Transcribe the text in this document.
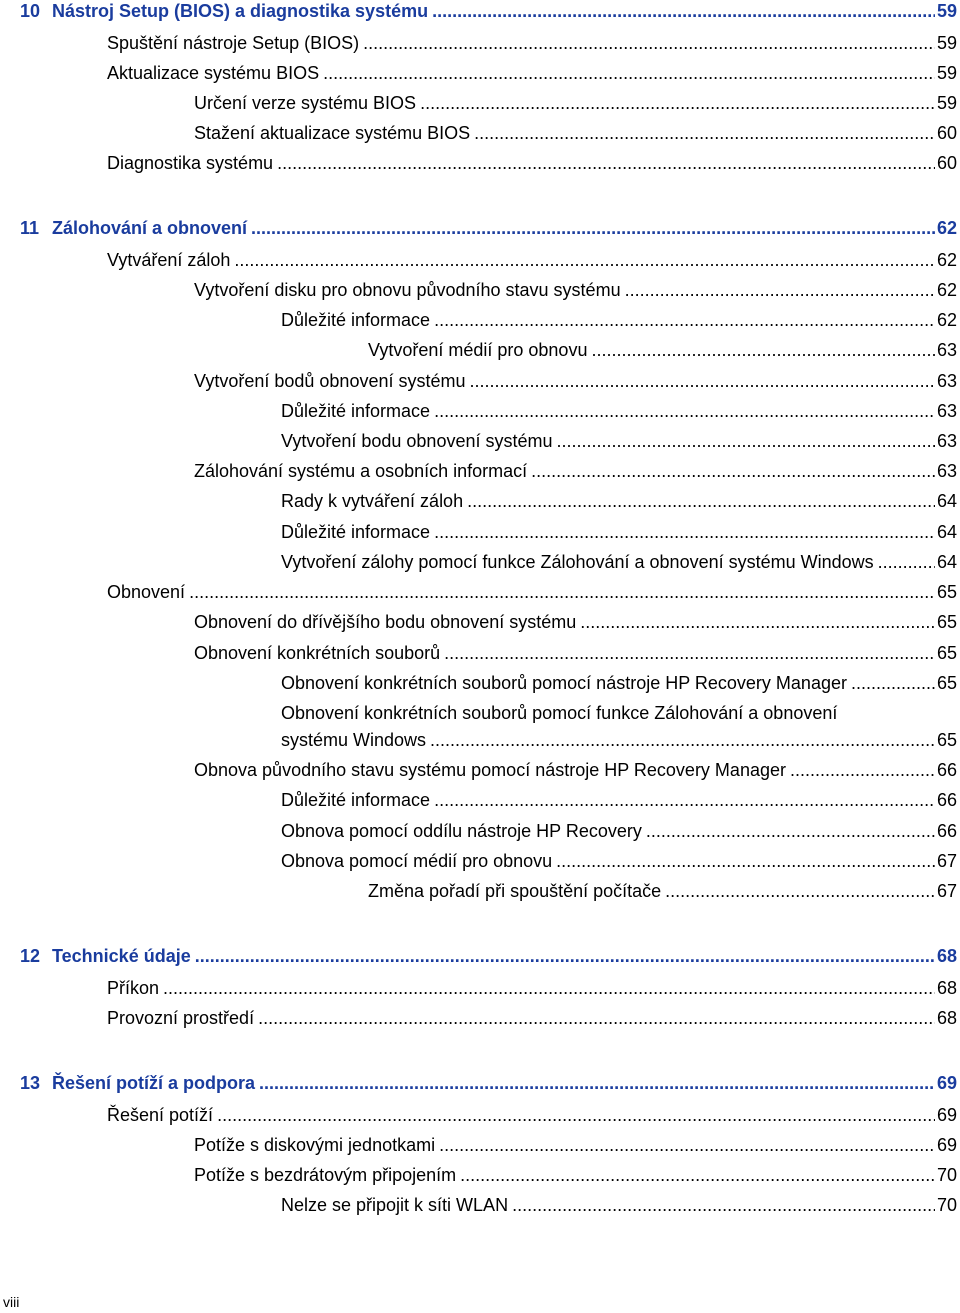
10 Nástroj Setup (BIOS) a diagnostika systému .....	59
Spuštění nástroje Setup (BIOS) .....	59
Aktualizace systému BIOS .....	59
Určení verze systému BIOS .....	59
Stažení aktualizace systému BIOS .....	60
Diagnostika systému .....	60
11 Zálohování a obnovení .....	62
Vytváření záloh .....	62
Vytvoření disku pro obnovu původního stavu systému .....	62
Důležité informace .....	62
Vytvoření médií pro obnovu .....	63
Vytvoření bodů obnovení systému .....	63
Důležité informace .....	63
Vytvoření bodu obnovení systému .....	63
Zálohování systému a osobních informací .....	63
Rady k vytváření záloh .....	64
Důležité informace .....	64
Vytvoření zálohy pomocí funkce Zálohování a obnovení systému Windows .....	64
Obnovení .....	65
Obnovení do dřívějšího bodu obnovení systému .....	65
Obnovení konkrétních souborů .....	65
Obnovení konkrétních souborů pomocí nástroje HP Recovery Manager .....	65
Obnovení konkrétních souborů pomocí funkce Zálohování a obnovení
systému Windows .....	65
Obnova původního stavu systému pomocí nástroje HP Recovery Manager .....	66
Důležité informace .....	66
Obnova pomocí oddílu nástroje HP Recovery .....	66
Obnova pomocí médií pro obnovu .....	67
Změna pořadí při spouštění počítače .....	67
12 Technické údaje .....	68
Příkon .....	68
Provozní prostředí .....	68
13 Řešení potíží a podpora .....	69
Řešení potíží .....	69
Potíže s diskovými jednotkami .....	69
Potíže s bezdrátovým připojením .....	70
Nelze se připojit k síti WLAN .....	70
viii
